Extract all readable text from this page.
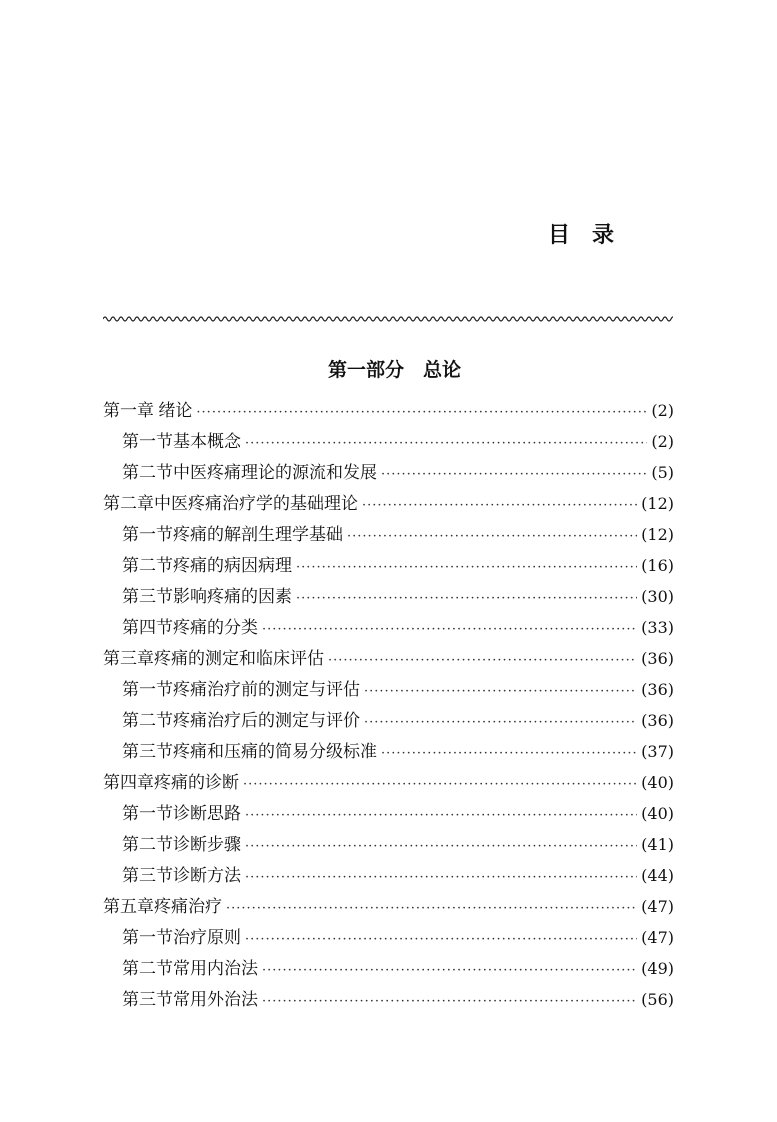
目录
第一部分　总论
第一章 绪论 ·····	(2)
第一节 基本概念 ·····	(2)
第二节 中医疼痛理论的源流和发展 ·····	(5)
第二章 中医疼痛治疗学的基础理论 ·····	(12)
第一节 疼痛的解剖生理学基础 ·····	(12)
第二节 疼痛的病因病理 ·····	(16)
第三节 影响疼痛的因素 ·····	(30)
第四节 疼痛的分类 ·····	(33)
第三章 疼痛的测定和临床评估 ·····	(36)
第一节 疼痛治疗前的测定与评估 ·····	(36)
第二节 疼痛治疗后的测定与评价 ·····	(36)
第三节 疼痛和压痛的简易分级标准 ·····	(37)
第四章 疼痛的诊断 ·····	(40)
第一节 诊断思路 ·····	(40)
第二节 诊断步骤 ·····	(41)
第三节 诊断方法 ·····	(44)
第五章 疼痛治疗 ·····	(47)
第一节 治疗原则 ·····	(47)
第二节 常用内治法 ·····	(49)
第三节 常用外治法 ·····	(56)
